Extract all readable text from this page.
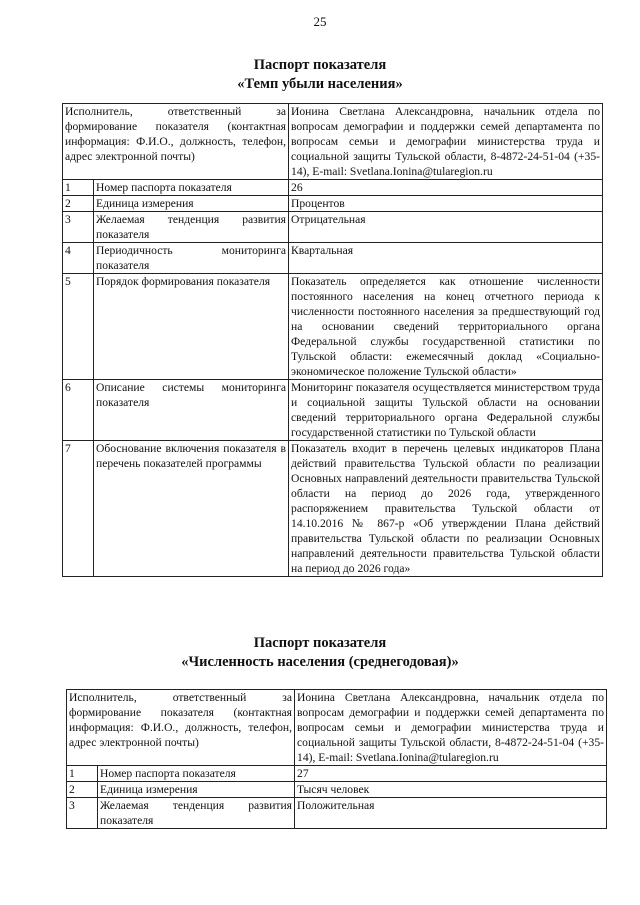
25
Паспорт показателя
«Темп убыли населения»
Исполнитель, ответственный за формирование показателя (контактная информация: Ф.И.О., должность, телефон, адрес электронной почты)		Ионина Светлана Александровна, начальник отдела по вопросам демографии и поддержки семей департамента по вопросам семьи и демографии министерства труда и социальной защиты Тульской области, 8-4872-24-51-04 (+35-14), E-mail: Svetlana.Ionina@tularegion.ru
1	Номер паспорта показателя	26
2	Единица измерения	Процентов
3	Желаемая тенденция развития показателя	Отрицательная
4	Периодичность мониторинга показателя	Квартальная
5	Порядок формирования показателя	Показатель определяется как отношение численности постоянного населения на конец отчетного периода к численности постоянного населения за предшествующий год на основании сведений территориального органа Федеральной службы государственной статистики по Тульской области: ежемесячный доклад «Социально-экономическое положение Тульской области»
6	Описание системы мониторинга показателя	Мониторинг показателя осуществляется министерством труда и социальной защиты Тульской области на основании сведений территориального органа Федеральной службы государственной статистики по Тульской области
7	Обоснование включения показателя в перечень показателей программы	Показатель входит в перечень целевых индикаторов Плана действий правительства Тульской области по реализации Основных направлений деятельности правительства Тульской области на период до 2026 года, утвержденного распоряжением правительства Тульской области от 14.10.2016 № 867-р «Об утверждении Плана действий правительства Тульской области по реализации Основных направлений деятельности правительства Тульской области на период до 2026 года»
Паспорт показателя
«Численность населения (среднегодовая)»
Исполнитель, ответственный за формирование показателя (контактная информация: Ф.И.О., должность, телефон, адрес электронной почты)		Ионина Светлана Александровна, начальник отдела по вопросам демографии и поддержки семей департамента по вопросам семьи и демографии министерства труда и социальной защиты Тульской области, 8-4872-24-51-04 (+35-14), E-mail: Svetlana.Ionina@tularegion.ru
1	Номер паспорта показателя	27
2	Единица измерения	Тысяч человек
3	Желаемая тенденция развития показателя	Положительная
